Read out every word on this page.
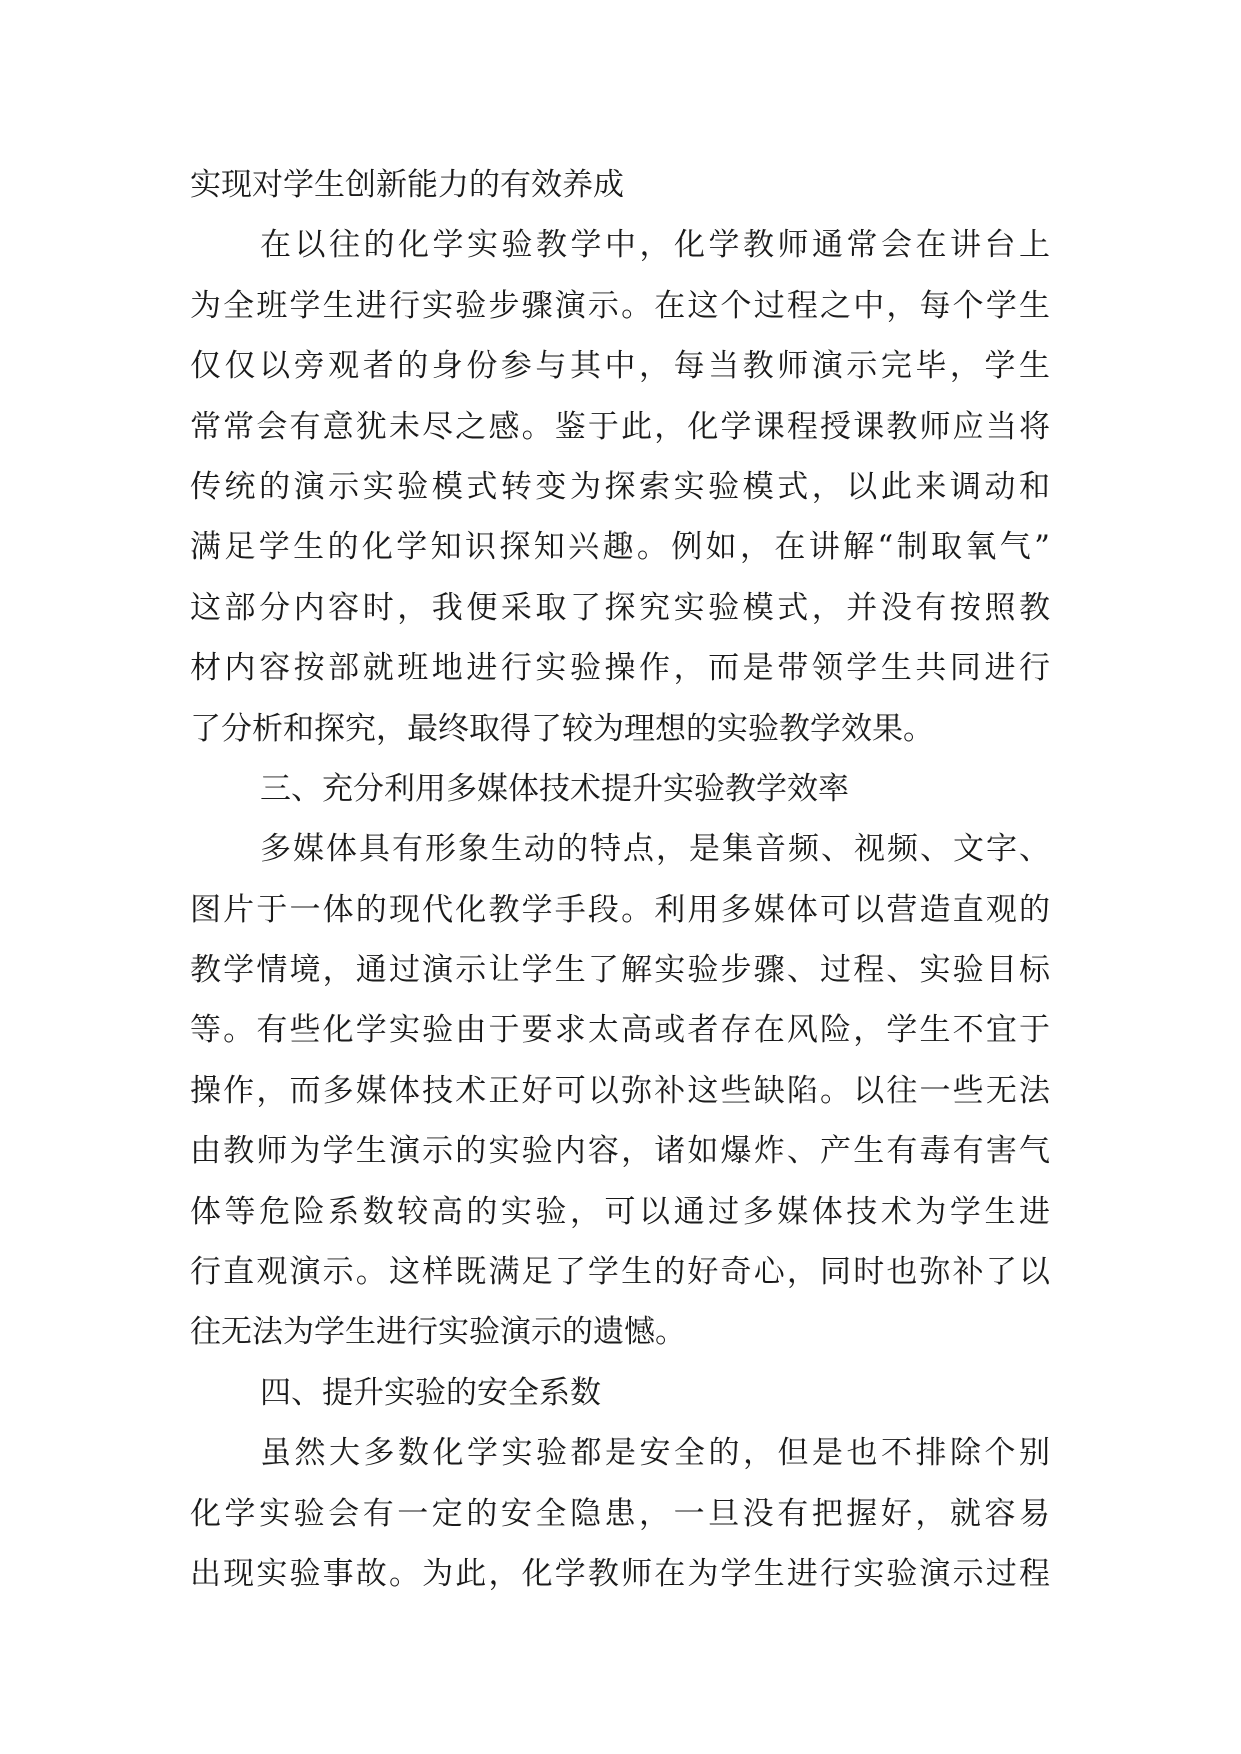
实现对学生创新能力的有效养成
在以往的化学实验教学中，化学教师通常会在讲台上
为全班学生进行实验步骤演示。在这个过程之中，每个学生
仅仅以旁观者的身份参与其中，每当教师演示完毕，学生
常常会有意犹未尽之感。鉴于此，化学课程授课教师应当将
传统的演示实验模式转变为探索实验模式，以此来调动和
满足学生的化学知识探知兴趣。例如，在讲解“制取氧气”
这部分内容时，我便采取了探究实验模式，并没有按照教
材内容按部就班地进行实验操作，而是带领学生共同进行
了分析和探究，最终取得了较为理想的实验教学效果。
三、充分利用多媒体技术提升实验教学效率
多媒体具有形象生动的特点，是集音频、视频、文字、
图片于一体的现代化教学手段。利用多媒体可以营造直观的
教学情境，通过演示让学生了解实验步骤、过程、实验目标
等。有些化学实验由于要求太高或者存在风险，学生不宜于
操作，而多媒体技术正好可以弥补这些缺陷。以往一些无法
由教师为学生演示的实验内容，诸如爆炸、产生有毒有害气
体等危险系数较高的实验，可以通过多媒体技术为学生进
行直观演示。这样既满足了学生的好奇心，同时也弥补了以
往无法为学生进行实验演示的遗憾。
四、提升实验的安全系数
虽然大多数化学实验都是安全的，但是也不排除个别
化学实验会有一定的安全隐患，一旦没有把握好，就容易
出现实验事故。为此，化学教师在为学生进行实验演示过程
